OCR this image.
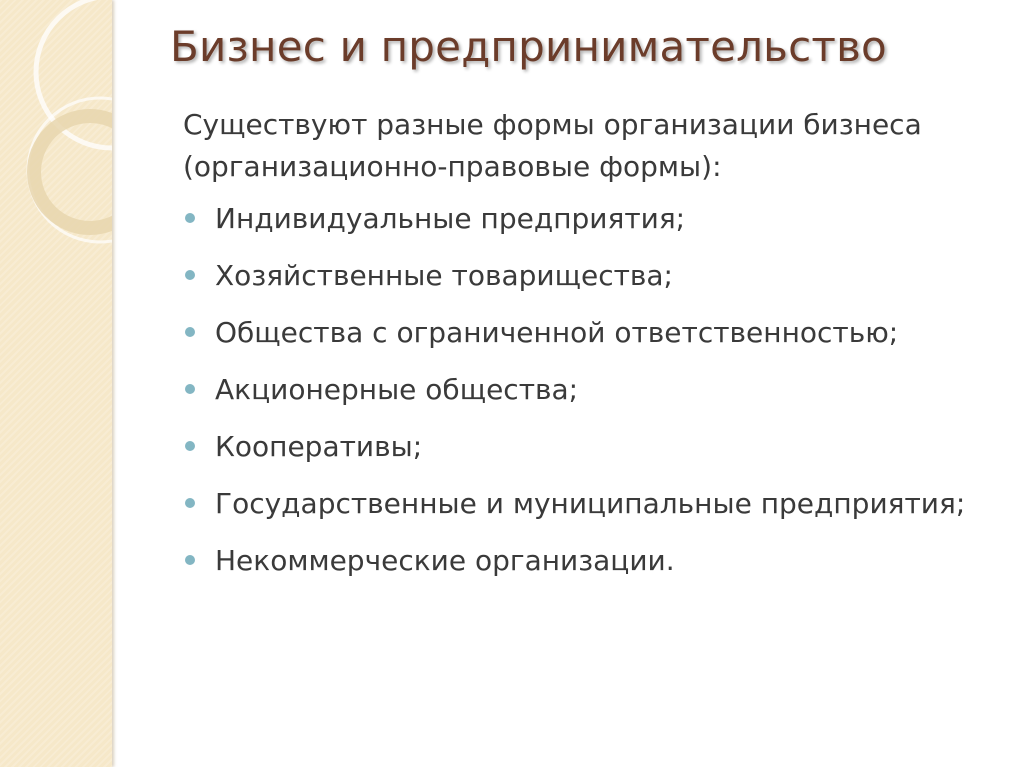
Бизнес и предпринимательство

Существуют разные формы организации бизнеса (организационно-правовые формы):

Индивидуальные предприятия;
Хозяйственные товарищества;
Общества с ограниченной ответственностью;
Акционерные общества;
Кооперативы;
Государственные и муниципальные предприятия;
Некоммерческие организации.
